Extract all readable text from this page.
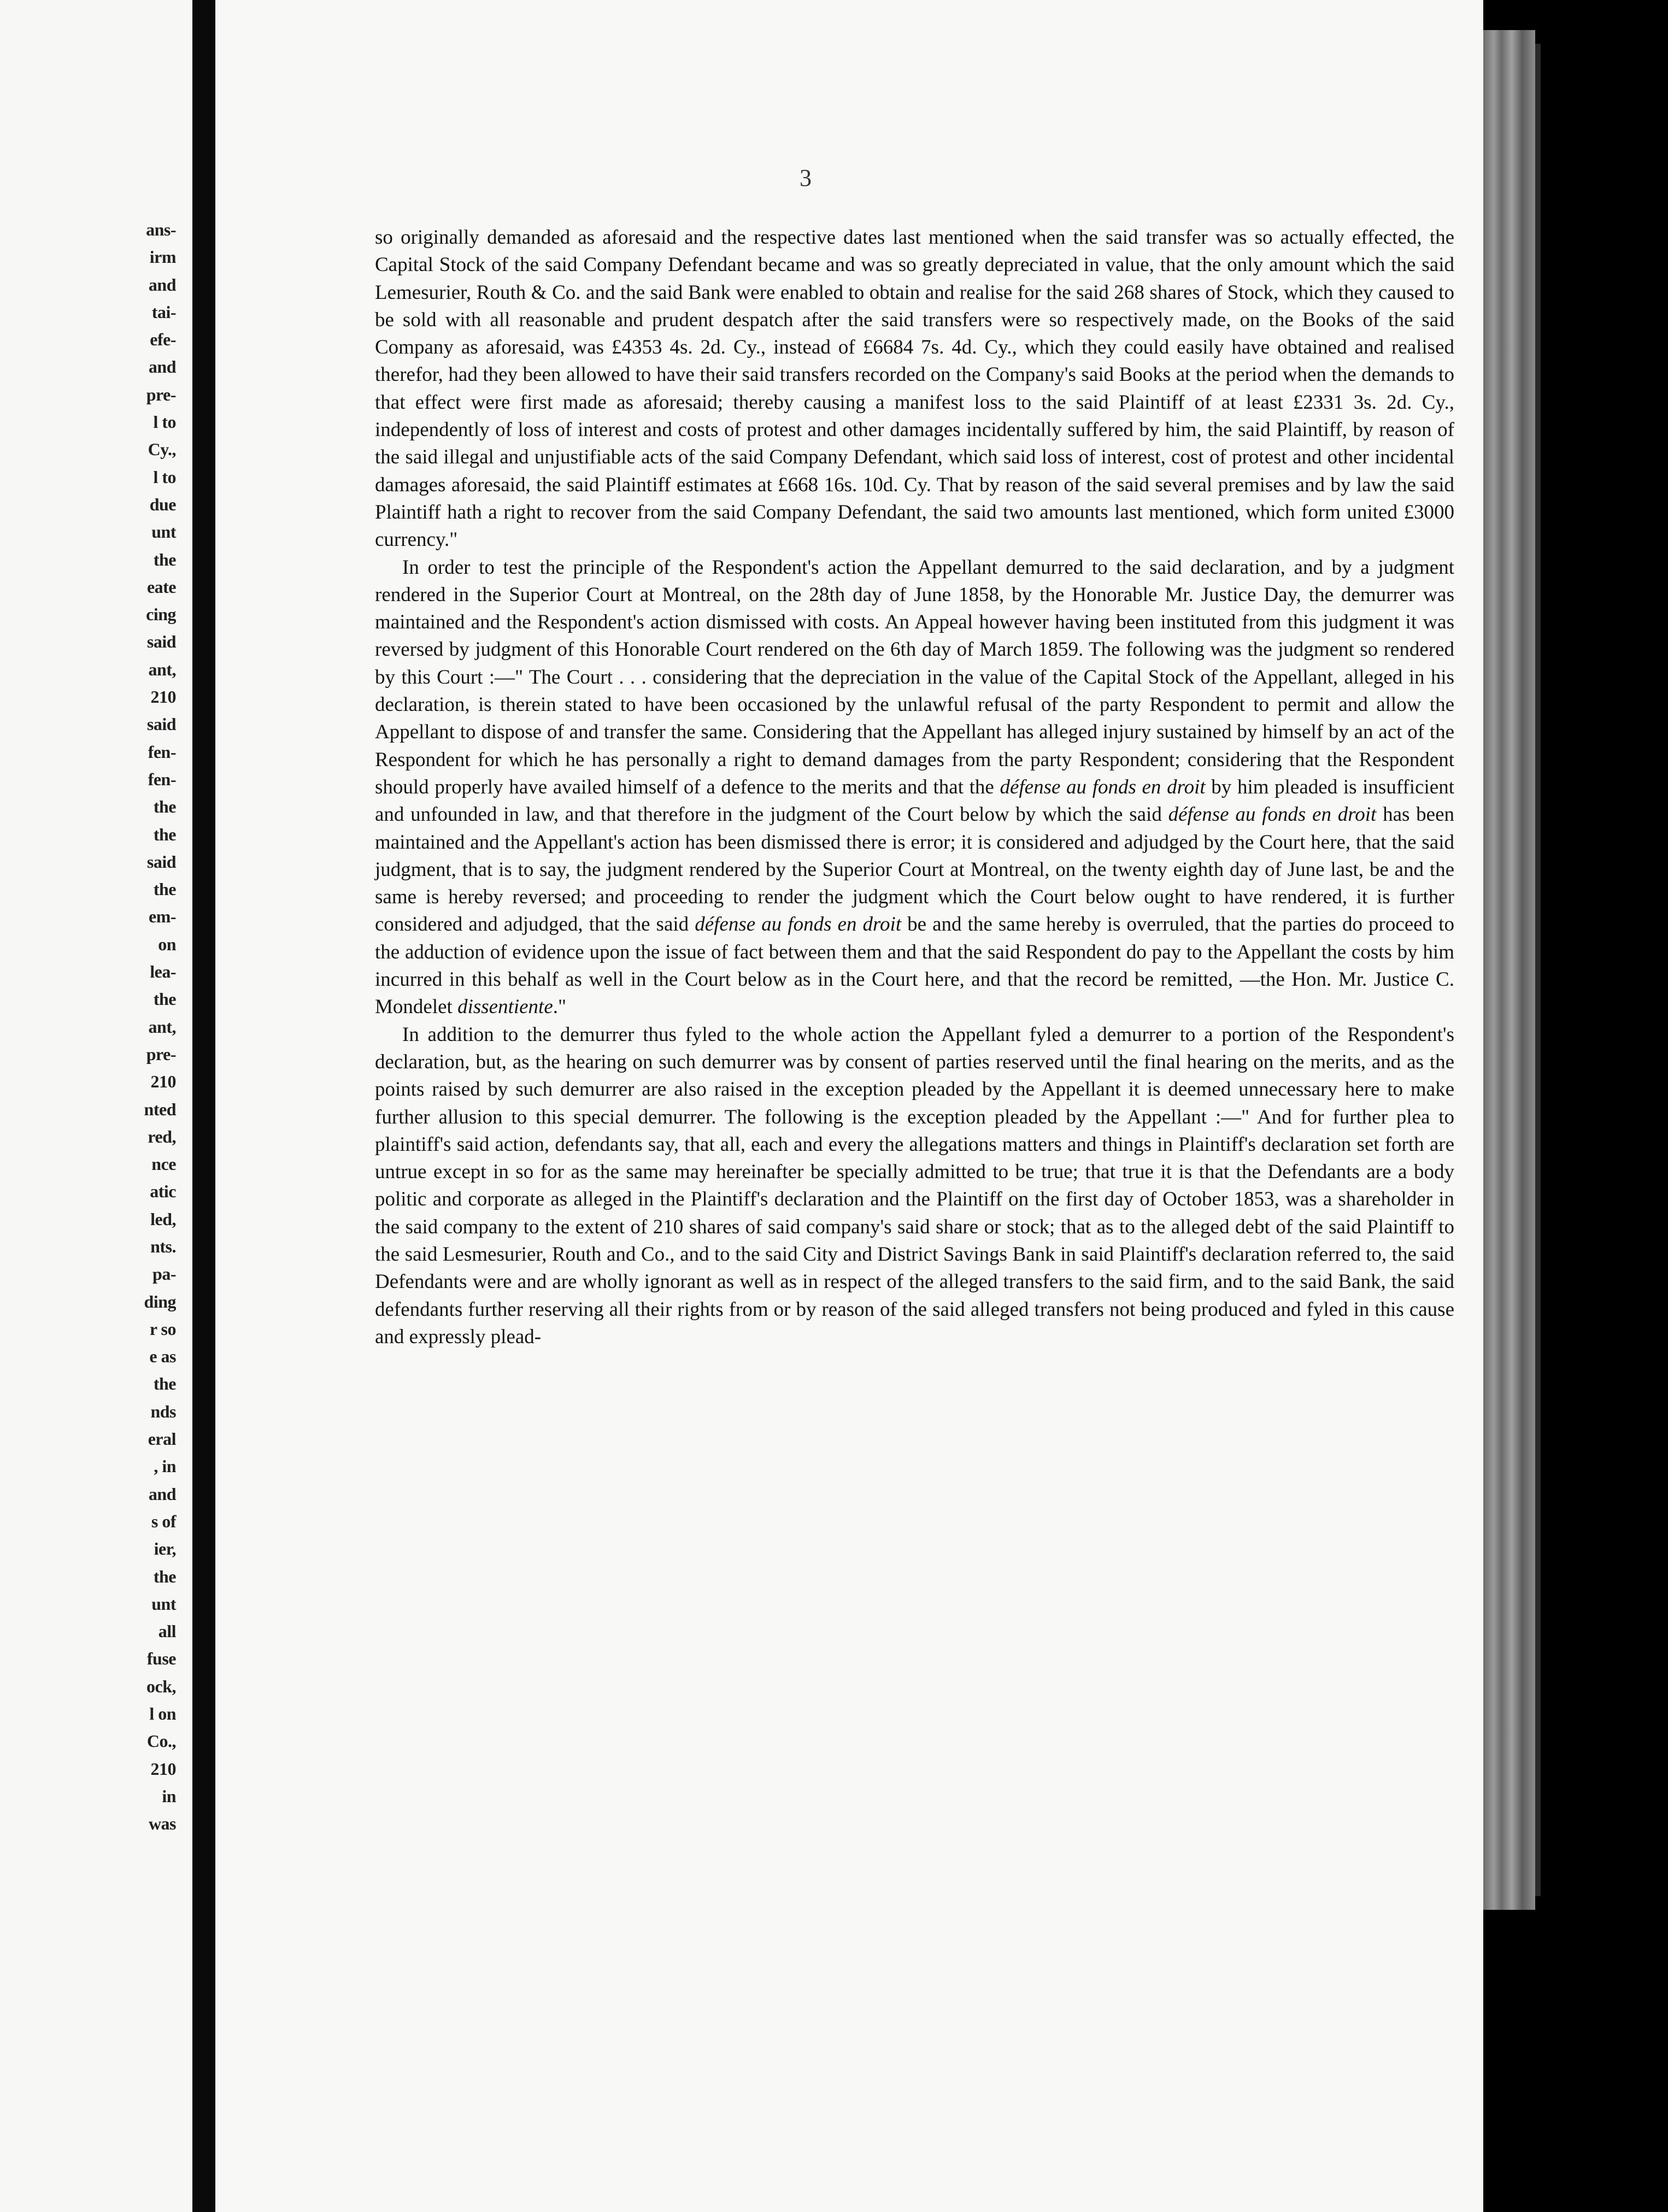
ans-
irm
and
tai-
efe-
and
pre-
l to
Cy.,
l to
due
unt
the
eate
cing
said
ant,
210
said
fen-
fen-
the
the
said
the
em-
on
lea-
the
ant,
pre-
210
nted
red,
nce
atic
led,
nts.
pa-
ding
r so
e as
the
nds
eral
, in
and
s of
ier,
the
unt
all
fuse
ock,
l on
Co.,
210
in
was
3

so originally demanded as aforesaid and the respective dates last mentioned when the said transfer was so actually effected, the Capital Stock of the said Company Defendant became and was so greatly depreciated in value, that the only amount which the said Lemesurier, Routh & Co. and the said Bank were enabled to obtain and realise for the said 268 shares of Stock, which they caused to be sold with all reasonable and prudent despatch after the said transfers were so respectively made, on the Books of the said Company as aforesaid, was £4353 4s. 2d. Cy., instead of £6684 7s. 4d. Cy., which they could easily have obtained and realised therefor, had they been allowed to have their said transfers recorded on the Company's said Books at the period when the demands to that effect were first made as aforesaid; thereby causing a manifest loss to the said Plaintiff of at least £2331 3s. 2d. Cy., independently of loss of interest and costs of protest and other damages incidentally suffered by him, the said Plaintiff, by reason of the said illegal and unjustifiable acts of the said Company Defendant, which said loss of interest, cost of protest and other incidental damages aforesaid, the said Plaintiff estimates at £668 16s. 10d. Cy. That by reason of the said several premises and by law the said Plaintiff hath a right to recover from the said Company Defendant, the said two amounts last mentioned, which form united £3000 currency."

In order to test the principle of the Respondent's action the Appellant demurred to the said declaration, and by a judgment rendered in the Superior Court at Montreal, on the 28th day of June 1858, by the Honorable Mr. Justice Day, the demurrer was maintained and the Respondent's action dismissed with costs. An Appeal however having been instituted from this judgment it was reversed by judgment of this Honorable Court rendered on the 6th day of March 1859. The following was the judgment so rendered by this Court :—" The Court . . . considering that the depreciation in the value of the Capital Stock of the Appellant, alleged in his declaration, is therein stated to have been occasioned by the unlawful refusal of the party Respondent to permit and allow the Appellant to dispose of and transfer the same. Considering that the Appellant has alleged injury sustained by himself by an act of the Respondent for which he has personally a right to demand damages from the party Respondent; considering that the Respondent should properly have availed himself of a defence to the merits and that the défense au fonds en droit by him pleaded is insufficient and unfounded in law, and that therefore in the judgment of the Court below by which the said défense au fonds en droit has been maintained and the Appellant's action has been dismissed there is error; it is considered and adjudged by the Court here, that the said judgment, that is to say, the judgment rendered by the Superior Court at Montreal, on the twenty eighth day of June last, be and the same is hereby reversed; and proceeding to render the judgment which the Court below ought to have rendered, it is further considered and adjudged, that the said défense au fonds en droit be and the same hereby is overruled, that the parties do proceed to the adduction of evidence upon the issue of fact between them and that the said Respondent do pay to the Appellant the costs by him incurred in this behalf as well in the Court below as in the Court here, and that the record be remitted, —the Hon. Mr. Justice C. Mondelet dissentiente."

In addition to the demurrer thus fyled to the whole action the Appellant fyled a demurrer to a portion of the Respondent's declaration, but, as the hearing on such demurrer was by consent of parties reserved until the final hearing on the merits, and as the points raised by such demurrer are also raised in the exception pleaded by the Appellant it is deemed unnecessary here to make further allusion to this special demurrer. The following is the exception pleaded by the Appellant :—" And for further plea to plaintiff's said action, defendants say, that all, each and every the allegations matters and things in Plaintiff's declaration set forth are untrue except in so for as the same may hereinafter be specially admitted to be true; that true it is that the Defendants are a body politic and corporate as alleged in the Plaintiff's declaration and the Plaintiff on the first day of October 1853, was a shareholder in the said company to the extent of 210 shares of said company's said share or stock; that as to the alleged debt of the said Plaintiff to the said Lesmesurier, Routh and Co., and to the said City and District Savings Bank in said Plaintiff's declaration referred to, the said Defendants were and are wholly ignorant as well as in respect of the alleged transfers to the said firm, and to the said Bank, the said defendants further reserving all their rights from or by reason of the said alleged transfers not being produced and fyled in this cause and expressly plead-
